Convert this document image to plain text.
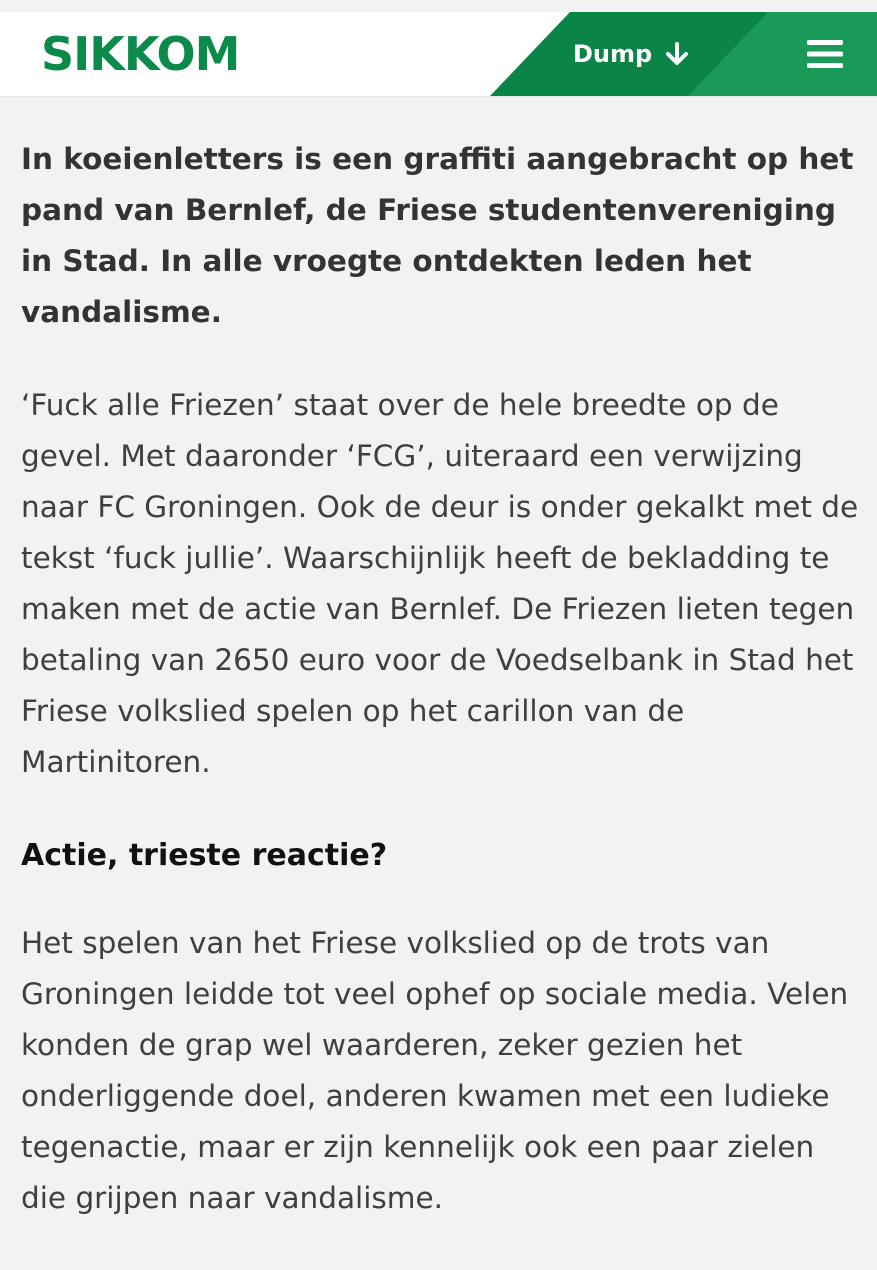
SIKKOM	Dump

In koeienletters is een graffiti aangebracht op het pand van Bernlef, de Friese studentenvereniging in Stad. In alle vroegte ontdekten leden het vandalisme.

‘Fuck alle Friezen’ staat over de hele breedte op de gevel. Met daaronder ‘FCG’, uiteraard een verwijzing naar FC Groningen. Ook de deur is onder gekalkt met de tekst ‘fuck jullie’. Waarschijnlijk heeft de bekladding te maken met de actie van Bernlef. De Friezen lieten tegen betaling van 2650 euro voor de Voedselbank in Stad het Friese volkslied spelen op het carillon van de Martinitoren.

Actie, trieste reactie?

Het spelen van het Friese volkslied op de trots van Groningen leidde tot veel ophef op sociale media. Velen konden de grap wel waarderen, zeker gezien het onderliggende doel, anderen kwamen met een ludieke tegenactie, maar er zijn kennelijk ook een paar zielen die grijpen naar vandalisme.
